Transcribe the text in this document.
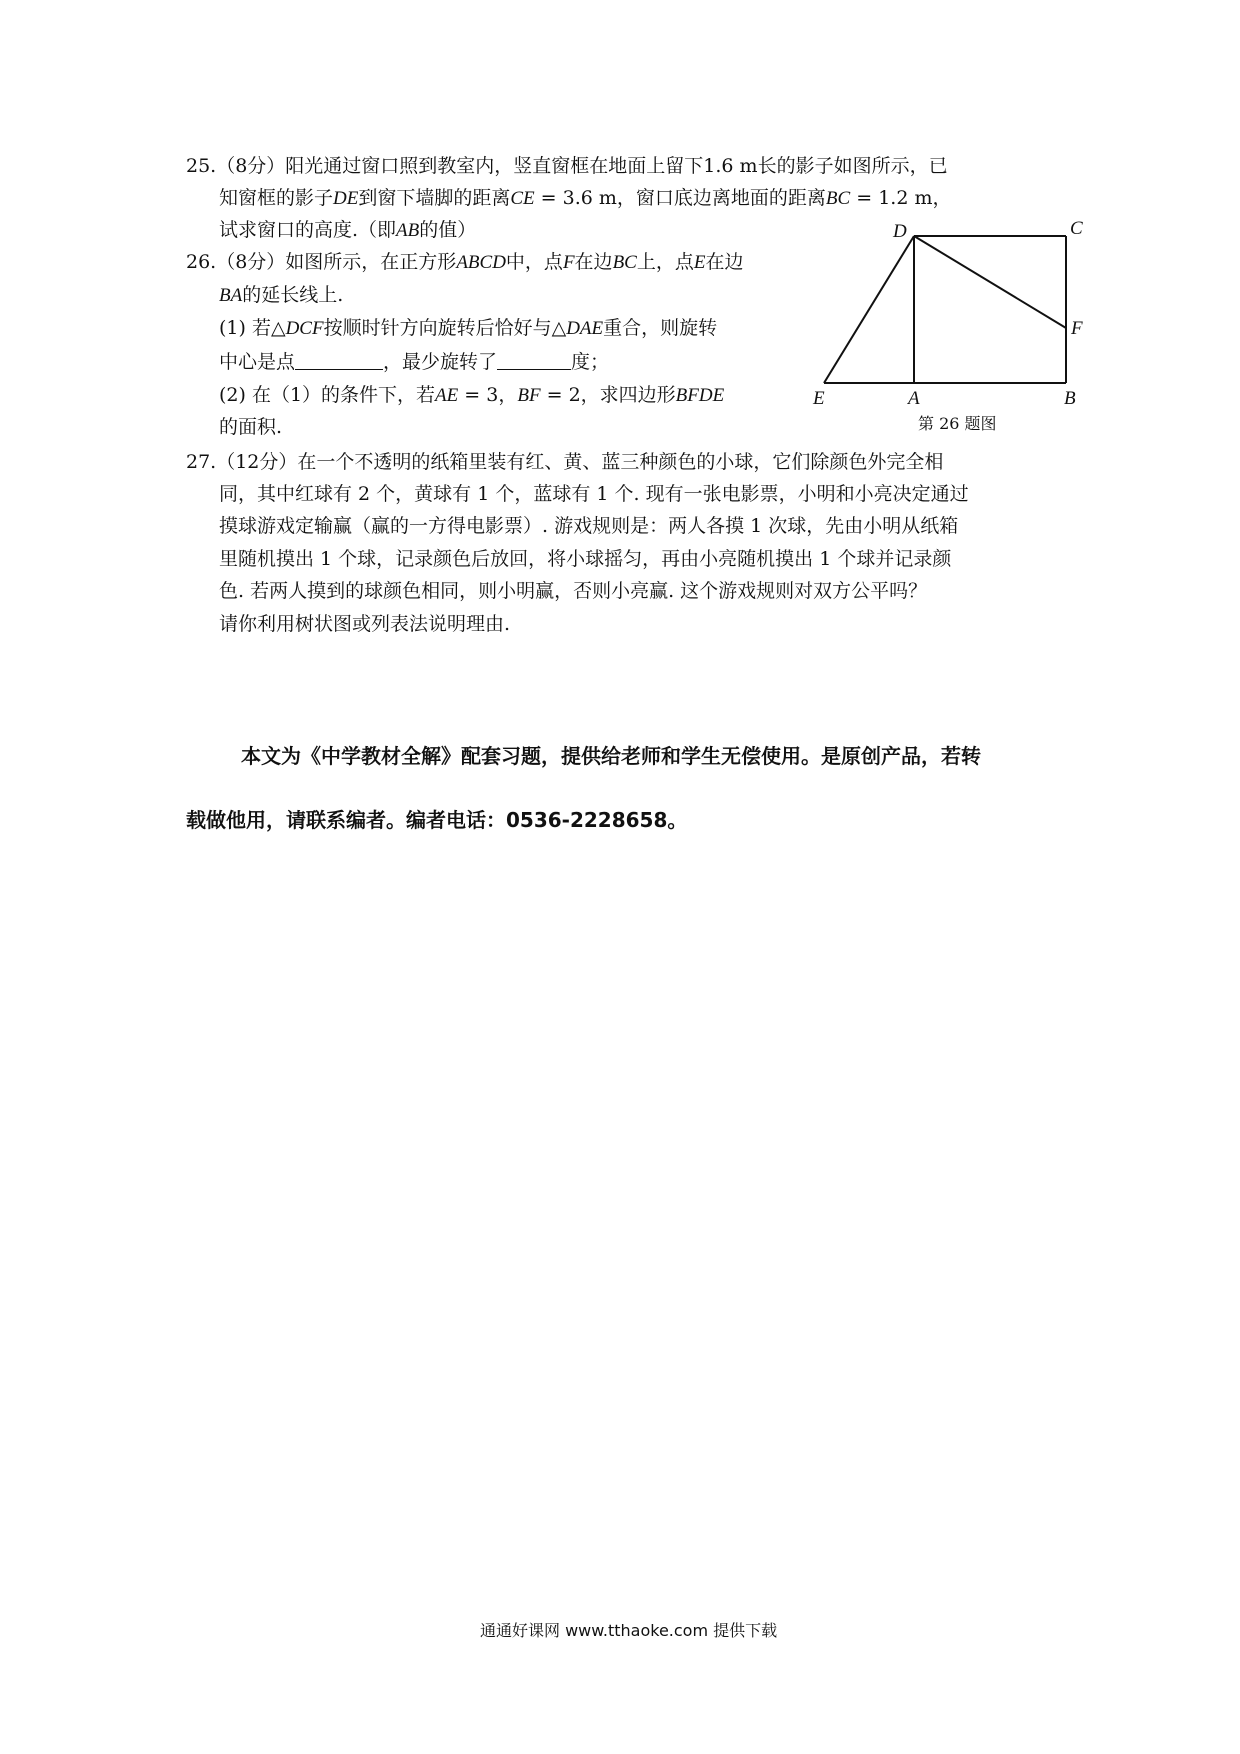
25.（8分）阳光通过窗口照到教室内，竖直窗框在地面上留下1.6 m长的影子如图所示，已
知窗框的影子DE到窗下墙脚的距离CE = 3.6 m，窗口底边离地面的距离BC = 1.2 m，
试求窗口的高度.（即AB的值）
26.（8分）如图所示，在正方形ABCD中，点F在边BC上，点E在边
BA的延长线上.
(1) 若△DCF按顺时针方向旋转后恰好与△DAE重合，则旋转
中心是点	，最少旋转了	度；
(2) 在（1）的条件下，若AE = 3，BF = 2，求四边形BFDE
的面积.
D	C
F
E	A	B
第 26 题图
27.（12分）在一个不透明的纸箱里装有红、黄、蓝三种颜色的小球，它们除颜色外完全相
同，其中红球有 2 个，黄球有 1 个，蓝球有 1 个. 现有一张电影票，小明和小亮决定通过
摸球游戏定输赢（赢的一方得电影票）. 游戏规则是：两人各摸 1 次球，先由小明从纸箱
里随机摸出 1 个球，记录颜色后放回，将小球摇匀，再由小亮随机摸出 1 个球并记录颜
色. 若两人摸到的球颜色相同，则小明赢，否则小亮赢. 这个游戏规则对双方公平吗？
请你利用树状图或列表法说明理由.
本文为《中学教材全解》配套习题，提供给老师和学生无偿使用。是原创产品，若转
载做他用，请联系编者。编者电话：0536-2228658。
通通好课网 www.tthaoke.com 提供下载
